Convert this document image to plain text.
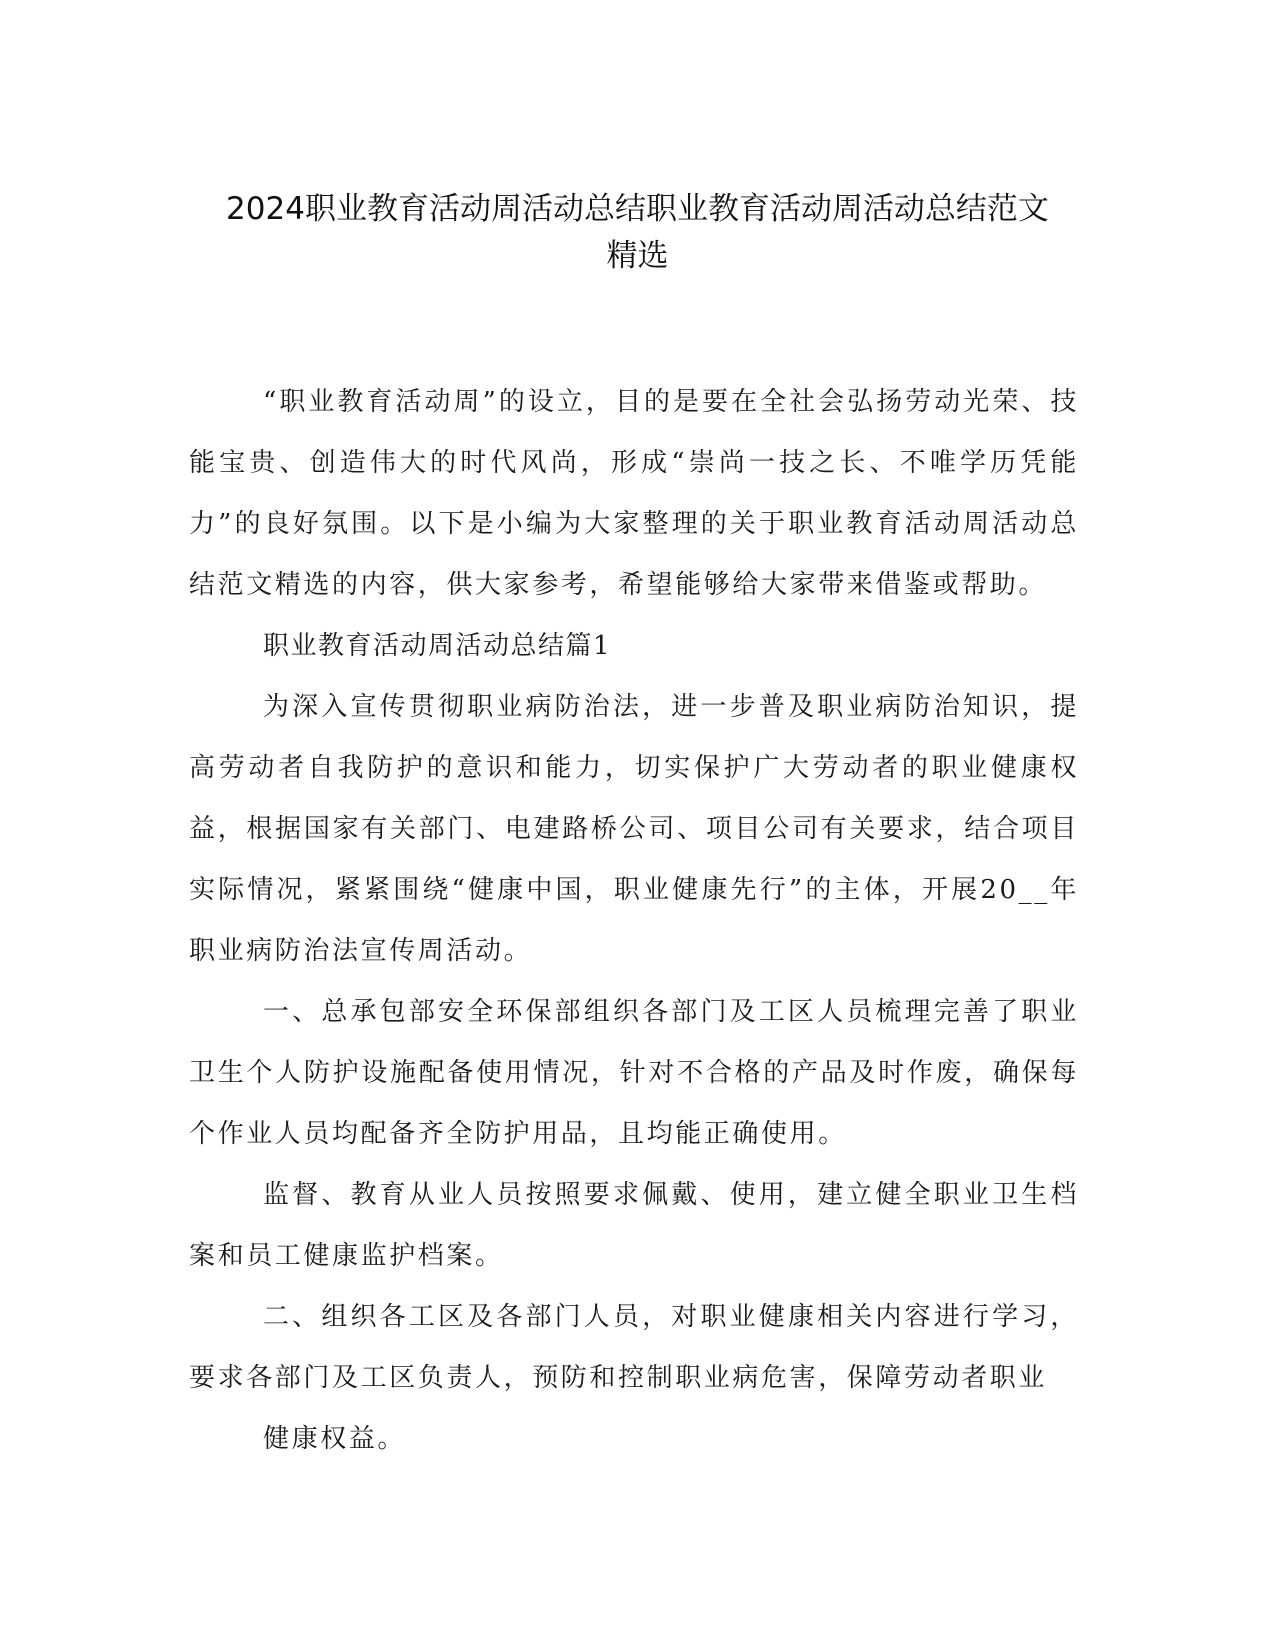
2024职业教育活动周活动总结职业教育活动周活动总结范文
精选

“职业教育活动周”的设立，目的是要在全社会弘扬劳动光荣、技能宝贵、创造伟大的时代风尚，形成“崇尚一技之长、不唯学历凭能力”的良好氛围。以下是小编为大家整理的关于职业教育活动周活动总结范文精选的内容，供大家参考，希望能够给大家带来借鉴或帮助。

职业教育活动周活动总结篇1

为深入宣传贯彻职业病防治法，进一步普及职业病防治知识，提高劳动者自我防护的意识和能力，切实保护广大劳动者的职业健康权益，根据国家有关部门、电建路桥公司、项目公司有关要求，结合项目实际情况，紧紧围绕“健康中国，职业健康先行”的主体，开展20__年职业病防治法宣传周活动。

一、总承包部安全环保部组织各部门及工区人员梳理完善了职业卫生个人防护设施配备使用情况，针对不合格的产品及时作废，确保每个作业人员均配备齐全防护用品，且均能正确使用。

监督、教育从业人员按照要求佩戴、使用，建立健全职业卫生档案和员工健康监护档案。

二、组织各工区及各部门人员，对职业健康相关内容进行学习，要求各部门及工区负责人，预防和控制职业病危害，保障劳动者职业

健康权益。
